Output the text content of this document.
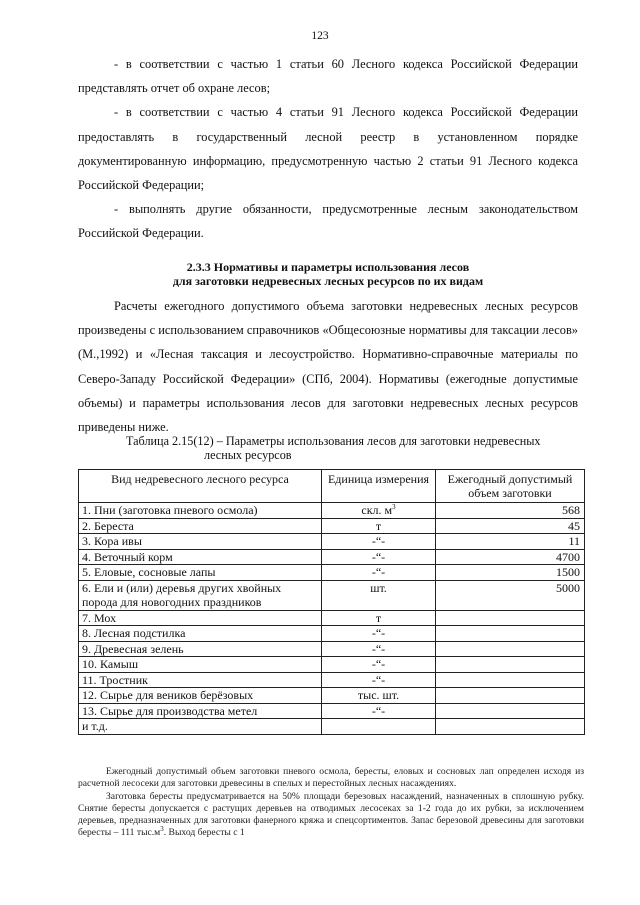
123

- в соответствии с частью 1 статьи 60 Лесного кодекса Российской Федерации представлять отчет об охране лесов;

- в соответствии с частью 4 статьи 91 Лесного кодекса Российской Федерации предоставлять в государственный лесной реестр в установленном порядке документированную информацию, предусмотренную частью 2 статьи 91 Лесного кодекса Российской Федерации;

- выполнять другие обязанности, предусмотренные лесным законодательством Российской Федерации.

2.3.3 Нормативы и параметры использования лесов
для заготовки недревесных лесных ресурсов по их видам

Расчеты ежегодного допустимого объема заготовки недревесных лесных ресурсов произведены с использованием справочников «Общесоюзные нормативы для таксации лесов» (М.,1992) и «Лесная таксация и лесоустройство. Нормативно-справочные материалы по Северо-Западу Российской Федерации» (СПб, 2004). Нормативы (ежегодные допустимые объемы) и параметры использования лесов для заготовки недревесных лесных ресурсов приведены ниже.

Таблица 2.15(12) – Параметры использования лесов для заготовки недревесных
лесных ресурсов
Вид недревесного лесного ресурса	Единица измерения	Ежегодный допустимый объем заготовки
1. Пни (заготовка пневого осмола)	скл. $м^3$	568
2. Береста	т	45
3. Кора ивы	-“-	11
4. Веточный корм	-“-	4700
5. Еловые, сосновые лапы	-“-	1500
6. Ели и (или) деревья других хвойных порода для новогодних праздников	шт.	5000
7. Мох	т	
8. Лесная подстилка	-“-	
9. Древесная зелень	-“-	
10. Камыш	-“-	
11. Тростник	-“-	
12. Сырье для веников берёзовых	тыс. шт.	
13. Сырье для производства метел	-“-	
и т.д.		

Ежегодный допустимый объем заготовки пневого осмола, бересты, еловых и сосновых лап определен исходя из расчетной лесосеки для заготовки древесины в спелых и перестойных лесных насаждениях.

Заготовка бересты предусматривается на 50% площади березовых насаждений, назначенных в сплошную рубку. Снятие бересты допускается с растущих деревьев на отводимых лесосеках за 1-2 года до их рубки, за исключением деревьев, предназначенных для заготовки фанерного кряжа и спецсортиментов. Запас березовой древесины для заготовки бересты – 111 $тыс.м^3$. Выход бересты с 1
